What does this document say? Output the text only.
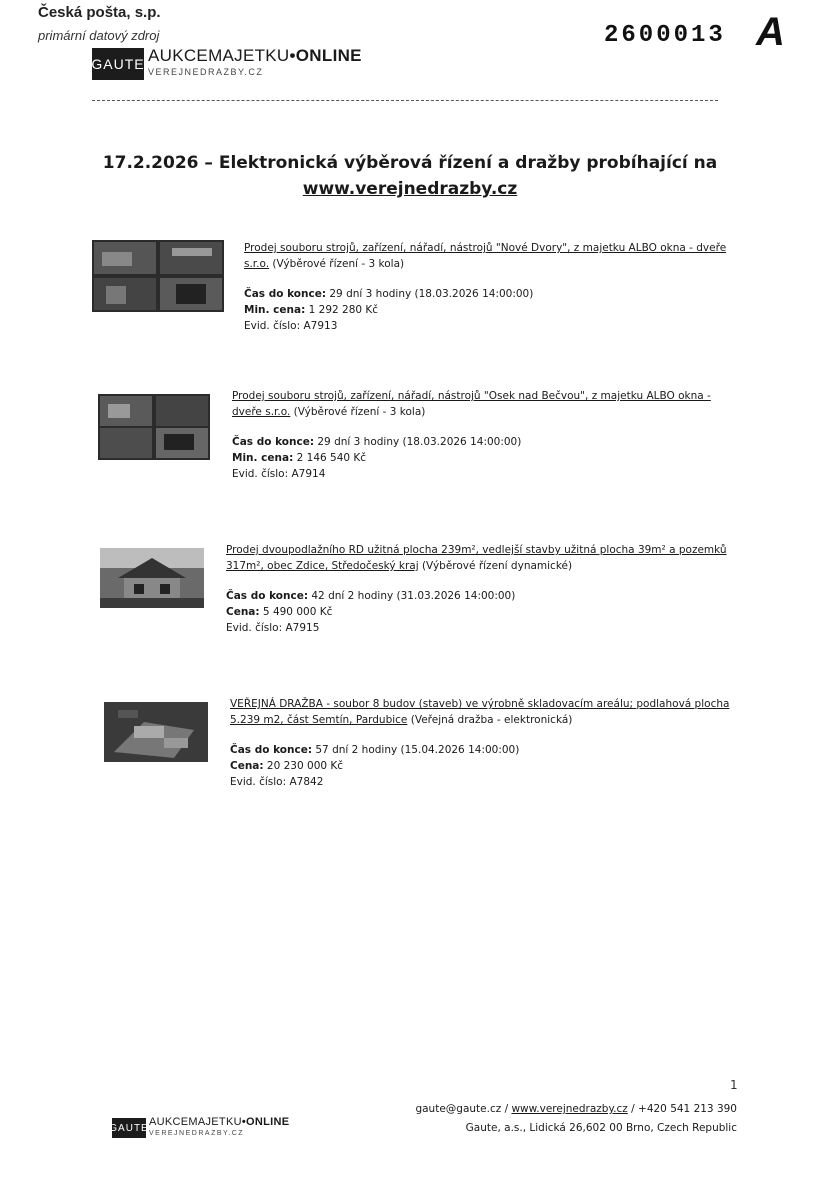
Česká pošta, s.p.
primární datový zdroj	2600013 A
GAUTE AUKCEMAJETKU•ONLINE
VEREJNEDRAZBY.CZ
17.2.2026 – Elektronická výběrová řízení a dražby probíhající na
www.verejnedrazby.cz
Prodej souboru strojů, zařízení, nářadí, nástrojů "Nové Dvory", z majetku ALBO okna - dveře s.r.o. (Výběrové řízení - 3 kola)

Čas do konce: 29 dní 3 hodiny (18.03.2026 14:00:00)

Min. cena: 1 292 280 Kč

Evid. číslo: A7913

Prodej souboru strojů, zařízení, nářadí, nástrojů "Osek nad Bečvou", z majetku ALBO okna - dveře s.r.o. (Výběrové řízení - 3 kola)

Čas do konce: 29 dní 3 hodiny (18.03.2026 14:00:00)

Min. cena: 2 146 540 Kč

Evid. číslo: A7914

Prodej dvoupodlažního RD užitná plocha 239m², vedlejší stavby užitná plocha 39m² a pozemků 317m², obec Zdice, Středočeský kraj (Výběrové řízení dynamické)

Čas do konce: 42 dní 2 hodiny (31.03.2026 14:00:00)

Cena: 5 490 000 Kč

Evid. číslo: A7915

VEŘEJNÁ DRAŽBA - soubor 8 budov (staveb) ve výrobně skladovacím areálu; podlahová plocha 5.239 m2, část Semtín, Pardubice (Veřejná dražba - elektronická)

Čas do konce: 57 dní 2 hodiny (15.04.2026 14:00:00)

Cena: 20 230 000 Kč

Evid. číslo: A7842

1
GAUTE AUKCEMAJETKU•ONLINE
VEREJNEDRAZBY.CZ
gaute@gaute.cz / www.verejnedrazby.cz / +420 541 213 390
Gaute, a.s., Lidická 26,602 00 Brno, Czech Republic
